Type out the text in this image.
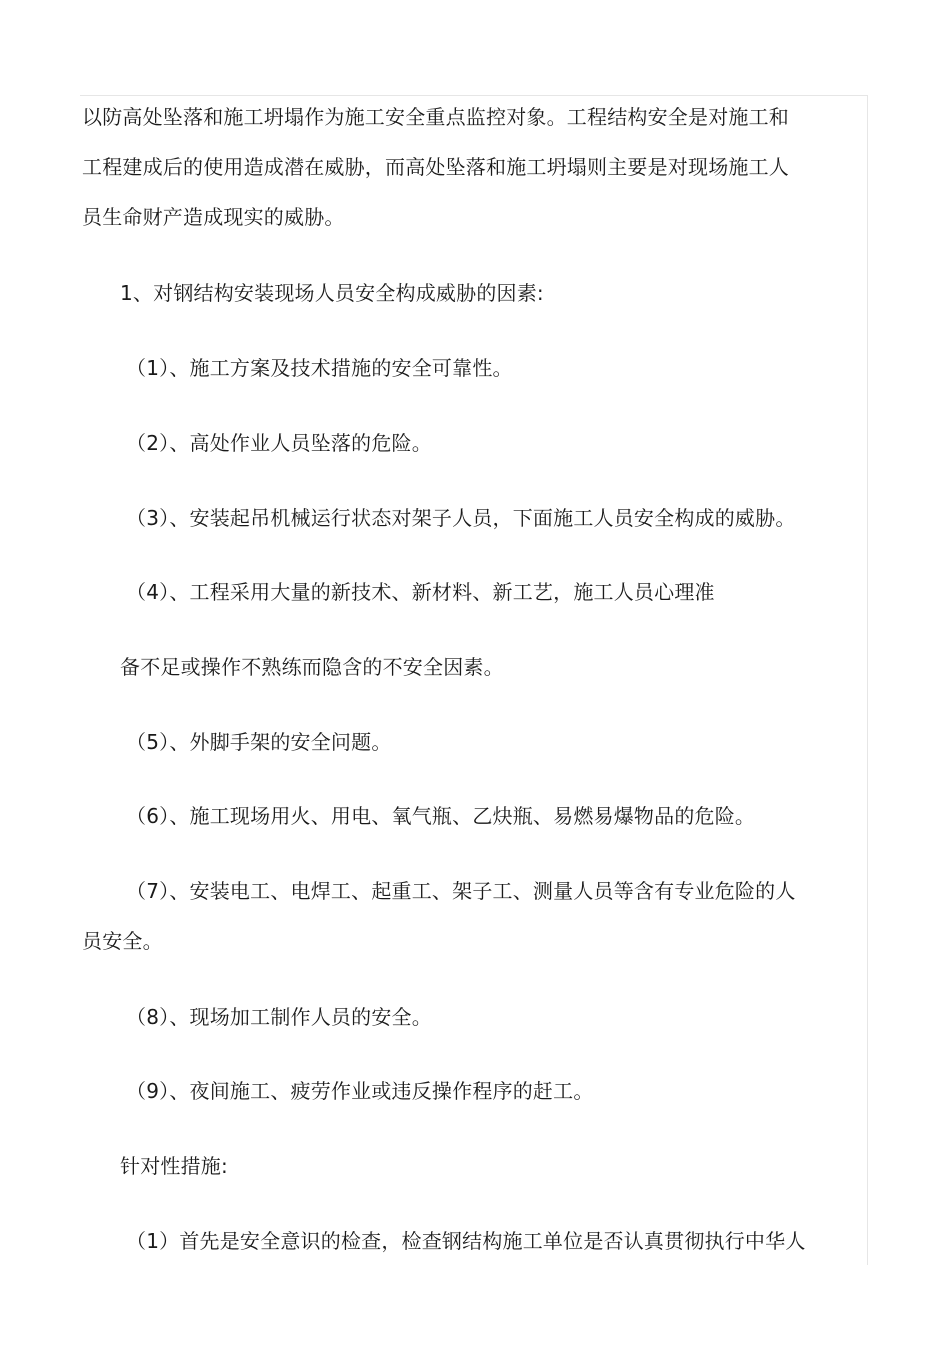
以防高处坠落和施工坍塌作为施工安全重点监控对象。工程结构安全是对施工和
工程建成后的使用造成潜在威胁，而高处坠落和施工坍塌则主要是对现场施工人
员生命财产造成现实的威胁。
1、对钢结构安装现场人员安全构成威胁的因素:
（1）、施工方案及技术措施的安全可靠性。
（2）、高处作业人员坠落的危险。
（3）、安装起吊机械运行状态对架子人员，下面施工人员安全构成的威胁。
（4）、工程采用大量的新技术、新材料、新工艺，施工人员心理准
备不足或操作不熟练而隐含的不安全因素。
（5）、外脚手架的安全问题。
（6）、施工现场用火、用电、氧气瓶、乙炔瓶、易燃易爆物品的危险。
（7）、安装电工、电焊工、起重工、架子工、测量人员等含有专业危险的人
员安全。
（8）、现场加工制作人员的安全。
（9）、夜间施工、疲劳作业或违反操作程序的赶工。
针对性措施:
（1）首先是安全意识的检查，检查钢结构施工单位是否认真贯彻执行中华人
